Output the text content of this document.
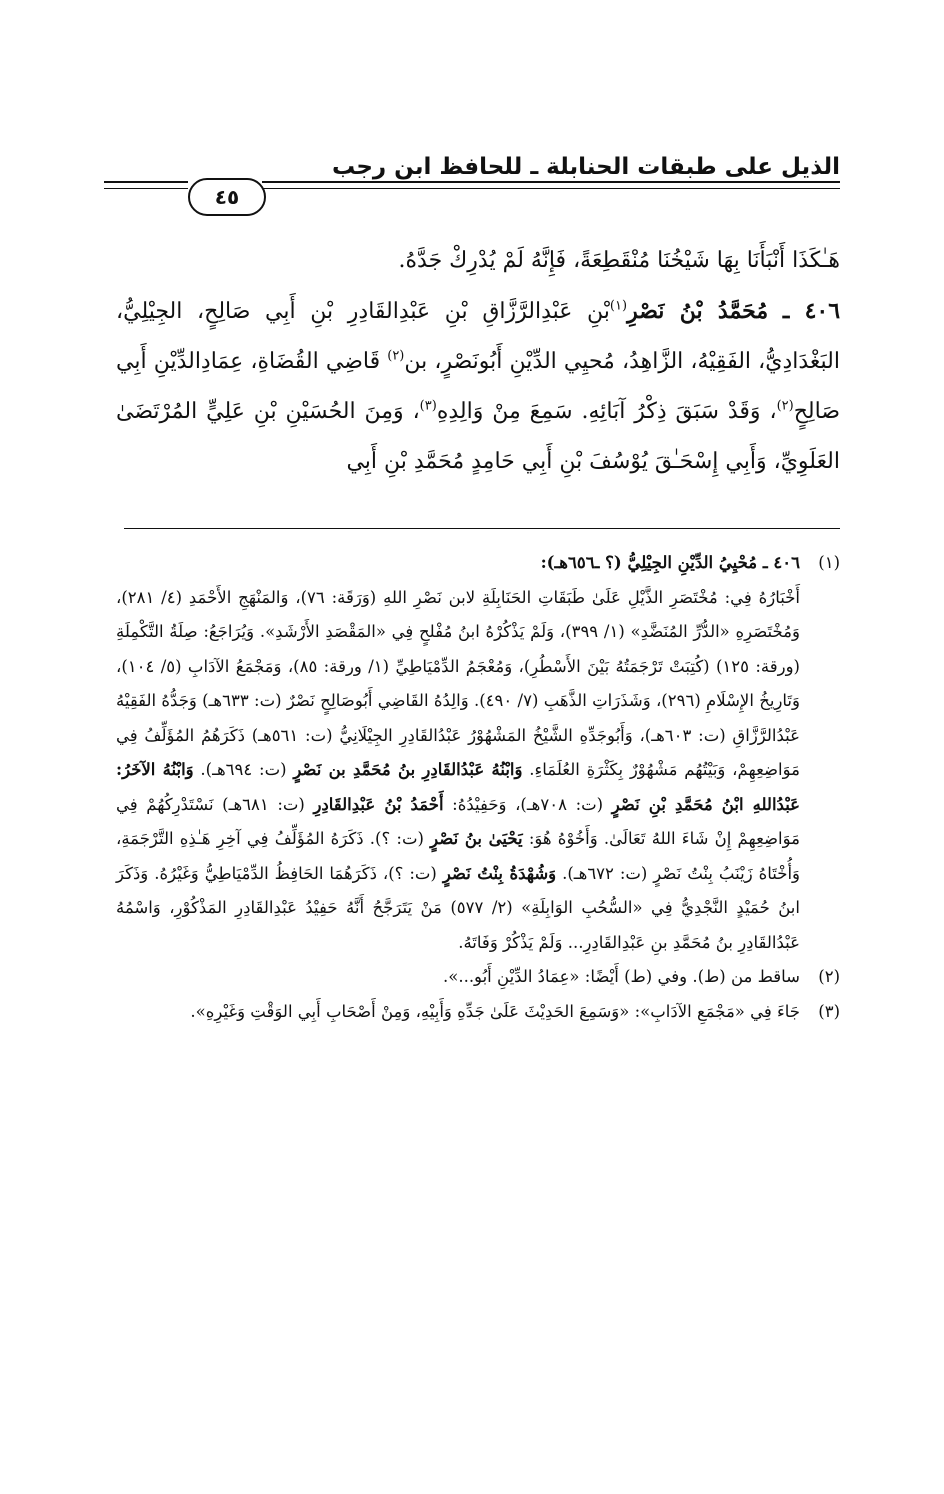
الذيل على طبقات الحنابلة ـ للحافظ ابن رجب
٤٥

هَـٰكَذَا أَنْبَأَنَا بِهَا شَيْخُنَا مُنْقَطِعَةً، فَإِنَّهُ لَمْ يُدْرِكْ جَدَّهُ.

٤٠٦ ـ مُحَمَّدُ بْنُ نَصْرِ$^{(١)}$بْنِ عَبْدِالرَّزَّاقِ بْنِ عَبْدِالقَادِرِ بْنِ أَبِي صَالِحٍ، الجِيْلِيُّ، البَغْدَادِيُّ، الفَقِيْهُ، الزَّاهِدُ، مُحيِي الدِّيْنِ أَبُونَصْرٍ، بن$^{(٢)}$ قَاضِي القُضَاةِ، عِمَادِالدِّيْنِ أَبِي صَالِحٍ$^{(٢)}$، وَقَدْ سَبَقَ ذِكْرُ آبَائِهِ. سَمِعَ مِنْ وَالِدِهِ$^{(٣)}$، وَمِنَ الحُسَيْنِ بْنِ عَلِيٍّ المُرْتَضَىٰ العَلَوِيِّ، وَأَبِي إِسْحَـٰقَ يُوْسُفَ بْنِ أَبِي حَامِدٍ مُحَمَّدِ بْنِ أَبِي

(١)
٤٠٦ ـ مُحْيِيُ الدِّيْنِ الجِيْلِيُّ (؟ ـ٦٥٦هـ):
أَخْبَارُهُ فِي: مُخْتَصَرِ الذَّيْلِ عَلَىٰ طَبَقَاتِ الحَنَابِلَةِ لابن نَصْرِ اللهِ (وَرَقَة: ٧٦)، وَالمَنْهَجِ الأَحْمَدِ (٤/ ٢٨١)، وَمُخْتَصَرِهِ «الدُّرِّ المُنَضَّدِ» (١/ ٣٩٩)، وَلَمْ يَذْكُرْهُ ابنُ مُفْلحٍ فِي «المَقْصَدِ الأَرْشَدِ». وَيُرَاجَعُ: صِلَةُ التَّكْمِلَةِ (ورقة: ١٢٥) (كُتِبَتْ تَرْجَمَتُهُ بَيْنَ الأَسْطُرِ)، وَمُعْجَمُ الدِّمْيَاطِيِّ (١/ ورقة: ٨٥)، وَمَجْمَعُ الآدَابِ (٥/ ١٠٤)، وَتَارِيخُ الإِسْلَامِ (٢٩٦)، وَشَذَرَاتِ الذَّهَبِ (٧/ ٤٩٠). وَالِدُهُ القَاضِي أَبُوصَالِحٍ نَصْرٌ (ت: ٦٣٣هـ) وَجَدُّهُ الفَقِيْهُ عَبْدُالرَّزَّاقِ (ت: ٦٠٣هـ)، وَأَبُوجَدِّهِ الشَّيْخُ المَشْهُوْرُ عَبْدُالقَادِرِ الجِيْلَانِيُّ (ت: ٥٦١هـ) ذَكَرَهُمُ المُؤَلِّفُ فِي مَوَاضِعِهِمْ، وَبَيْتُهُم مَشْهُوْرٌ بِكَثْرَةِ العُلَمَاءِ. وَابْنُهُ عَبْدُالقَادِرِ بنُ مُحَمَّدِ بن نَصْرٍ (ت: ٦٩٤هـ). وَابْنُهُ الآخَرُ: عَبْدُاللهِ ابْنُ مُحَمَّدِ بْنِ نَصْرٍ (ت: ٧٠٨هـ)، وَحَفِيْدُهُ: أَحْمَدُ بْنُ عَبْدِالقَادِرِ (ت: ٦٨١هـ) نَسْتَدْرِكُهُمْ فِي مَوَاضِعِهِمْ إِنْ شَاءَ اللهُ تَعَالَىٰ. وَأَخُوْهُ هُوَ: يَحْيَىٰ بنُ نَصْرٍ (ت: ؟). ذَكَرَهُ المُؤَلِّفُ فِي آخِرِ هَـٰذِهِ التَّرْجَمَةِ، وَأُخْتَاهُ زَيْنَبُ بِنْتُ نَصْرٍ (ت: ٦٧٢هـ). وَشُهْدَةُ بِنْتُ نَصْرٍ (ت: ؟)، ذَكَرَهُمَا الحَافِظُ الدِّمْيَاطِيُّ وَغَيْرُهُ. وَذَكَرَ ابنُ حُمَيْدٍ النَّجْدِيُّ فِي «السُّحُبِ الوَابِلَةِ» (٢/ ٥٧٧) مَنْ يَتَرَجَّحُ أَنَّهُ حَفِيْدُ عَبْدِالقَادِرِ المَذْكُوْرِ، وَاسْمُهُ عَبْدُالقَادِرِ بنُ مُحَمَّدِ بنِ عَبْدِالقَادِرِ... وَلَمْ يَذْكُرْ وَفَاتَهُ.
(٢)
ساقط من (ط). وفي (ط) أَيْضًا: «عِمَادُ الدِّيْنِ أَبُو...».
(٣)
جَاءَ فِي «مَجْمَعِ الآدَابِ»: «وَسَمِعَ الحَدِيْثَ عَلَىٰ جَدِّهِ وَأَبِيْهِ، وَمِنْ أَصْحَابِ أَبِي الوَقْتِ وَغَيْرِهِ».
